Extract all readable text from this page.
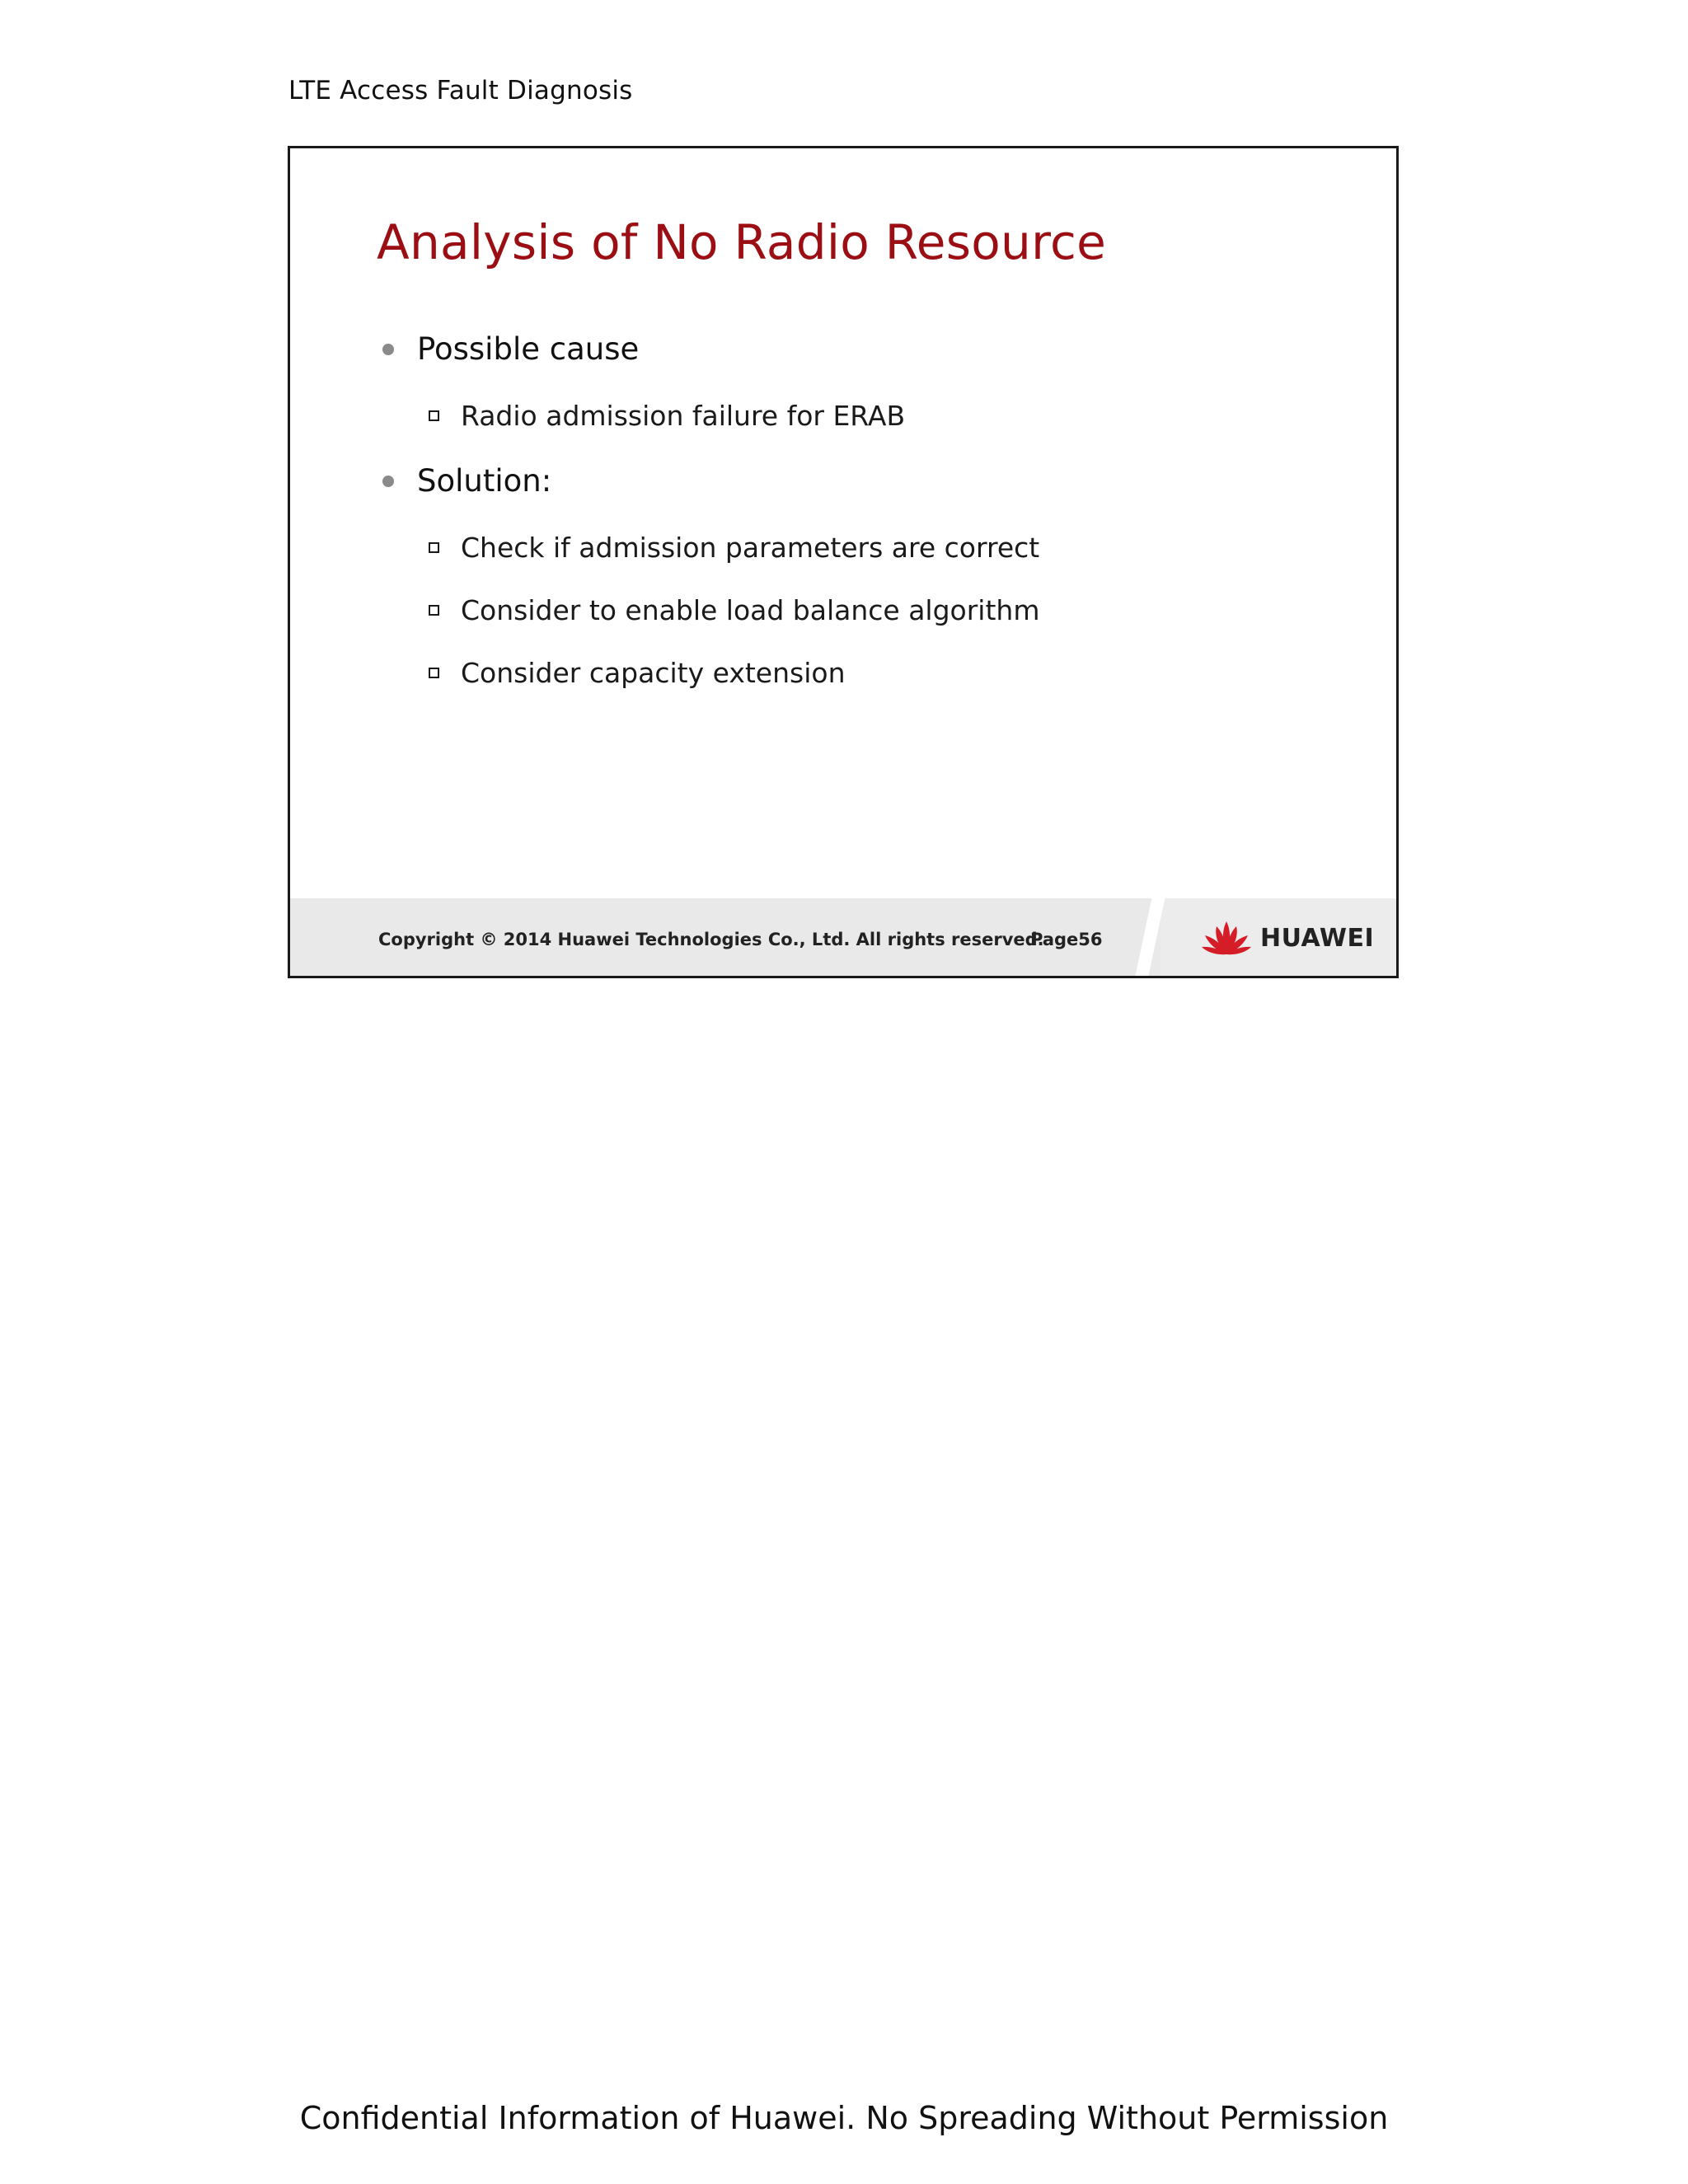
LTE Access Fault Diagnosis
Analysis of No Radio Resource
Possible cause
Radio admission failure for ERAB
Solution:
Check if admission parameters are correct
Consider to enable load balance algorithm
Consider capacity extension
Copyright © 2014 Huawei Technologies Co., Ltd. All rights reserved.
Page56	HUAWEI
Confidential Information of Huawei. No Spreading Without Permission
